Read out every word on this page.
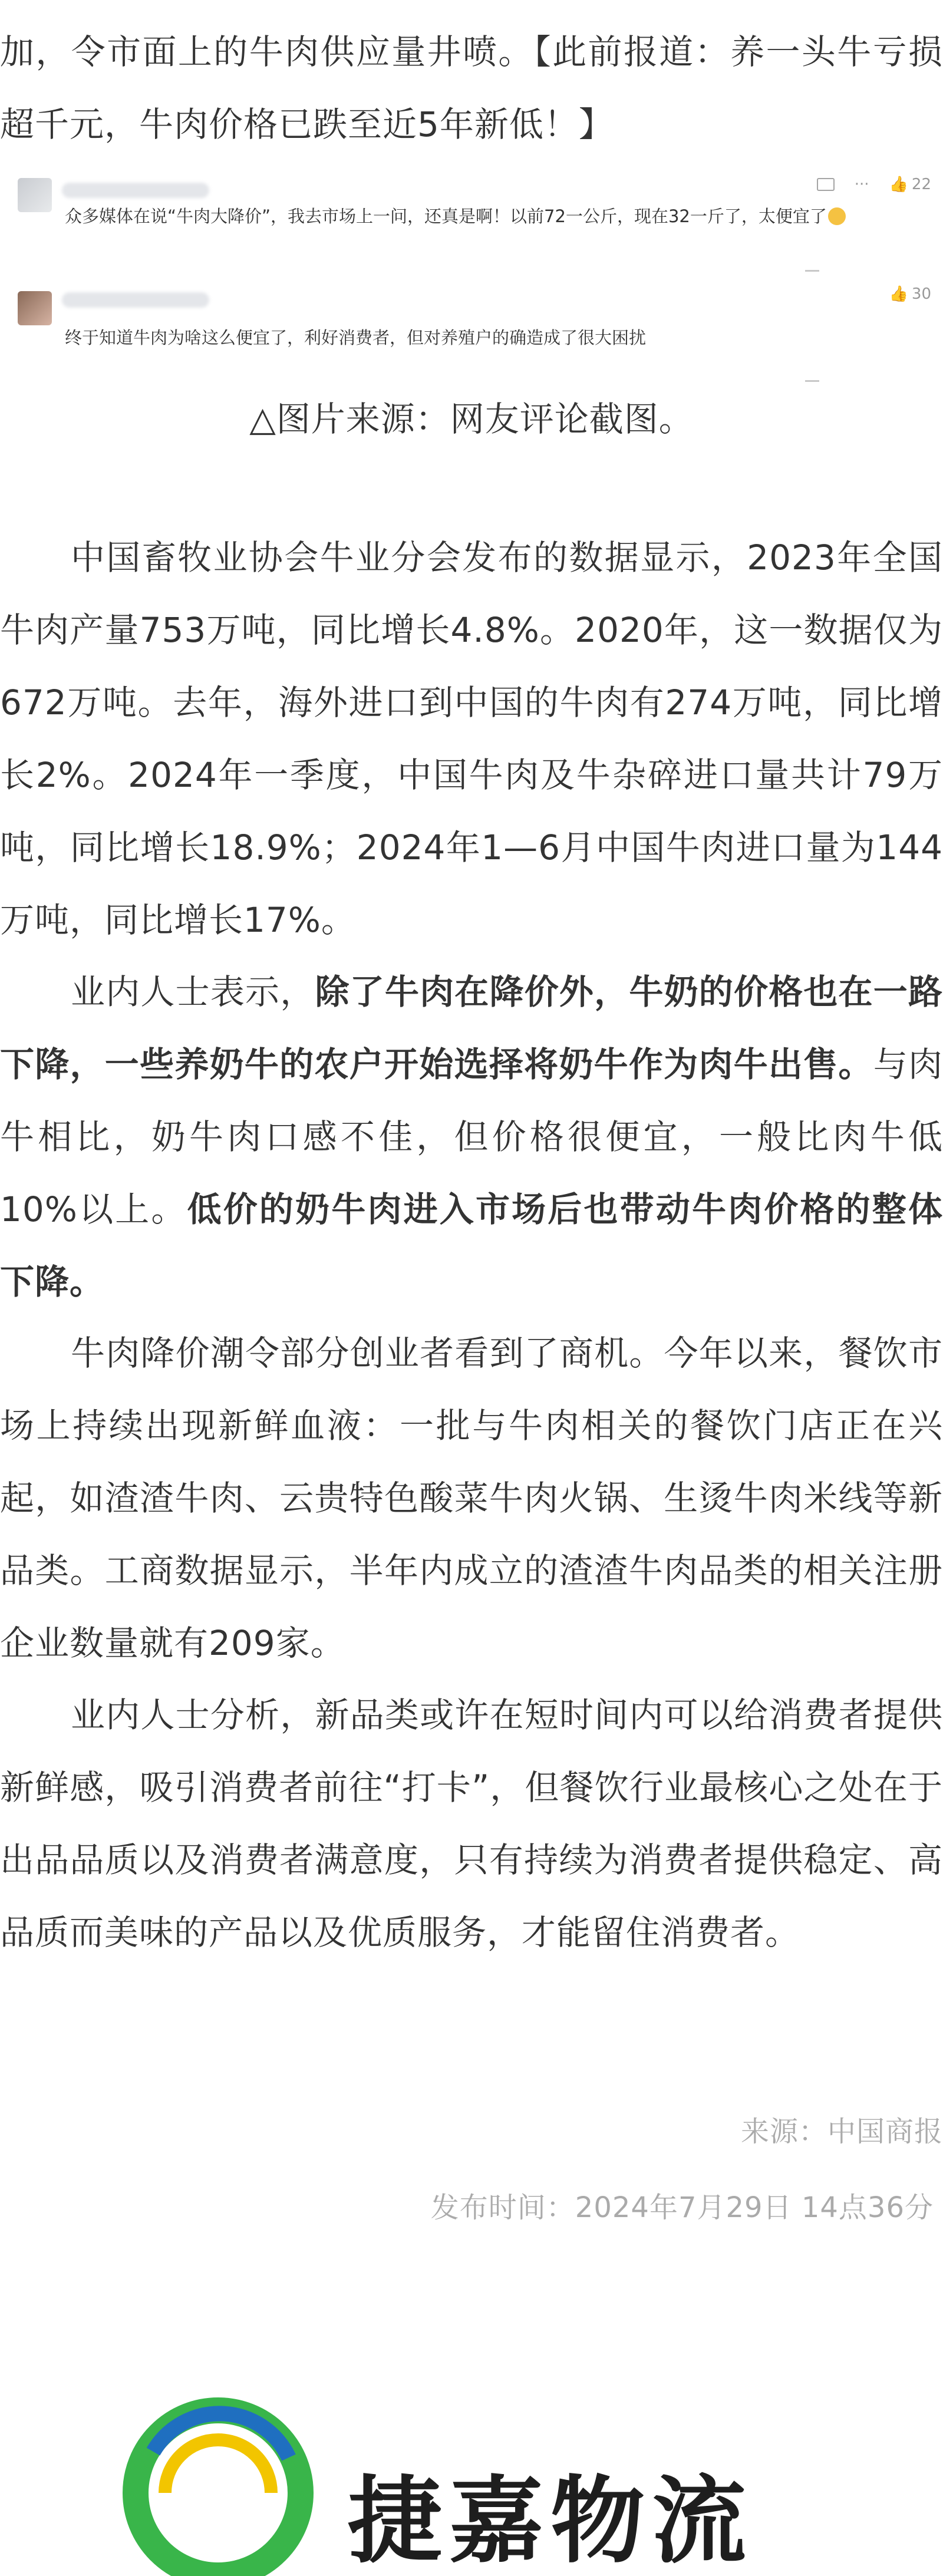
加，令市面上的牛肉供应量井喷。【此前报道：养一头牛亏损超千元，牛肉价格已跌至近5年新低！】

··· 👍 22
众多媒体在说“牛肉大降价”，我去市场上一问，还真是啊！以前72一公斤，现在32一斤了，太便宜了
👍 30
终于知道牛肉为啥这么便宜了，利好消费者，但对养殖户的确造成了很大困扰
△图片来源：网友评论截图。

中国畜牧业协会牛业分会发布的数据显示，2023年全国牛肉产量753万吨，同比增长4.8%。2020年，这一数据仅为672万吨。去年，海外进口到中国的牛肉有274万吨，同比增长2%。2024年一季度，中国牛肉及牛杂碎进口量共计79万吨，同比增长18.9%；2024年1—6月中国牛肉进口量为144万吨，同比增长17%。

业内人士表示，除了牛肉在降价外，牛奶的价格也在一路下降，一些养奶牛的农户开始选择将奶牛作为肉牛出售。与肉牛相比，奶牛肉口感不佳，但价格很便宜，一般比肉牛低10%以上。低价的奶牛肉进入市场后也带动牛肉价格的整体下降。

牛肉降价潮令部分创业者看到了商机。今年以来，餐饮市场上持续出现新鲜血液：一批与牛肉相关的餐饮门店正在兴起，如渣渣牛肉、云贵特色酸菜牛肉火锅、生烫牛肉米线等新品类。工商数据显示，半年内成立的渣渣牛肉品类的相关注册企业数量就有209家。

业内人士分析，新品类或许在短时间内可以给消费者提供新鲜感，吸引消费者前往“打卡”，但餐饮行业最核心之处在于出品品质以及消费者满意度，只有持续为消费者提供稳定、高品质而美味的产品以及优质服务，才能留住消费者。

来源：中国商报
发布时间：2024年7月29日 14点36分
捷嘉物流
